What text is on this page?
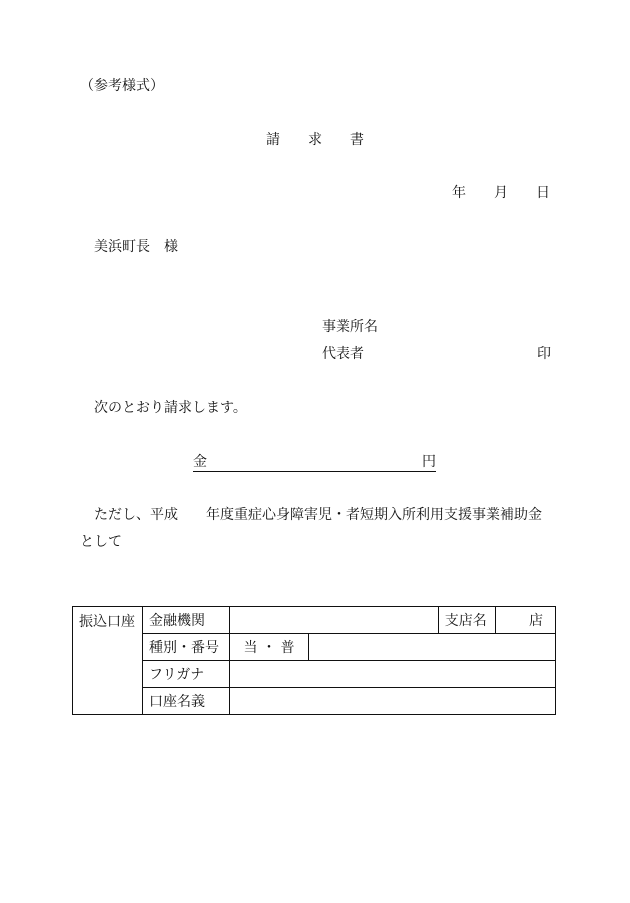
（参考様式）
請 求 書
年 月 日
美浜町長　様
事業所名
代表者	印
次のとおり請求します。
金	円
ただし、平成 年度重症心身障害児・者短期入所利用支援事業補助金
として
振込口座	金融機関			支店名	店
	種別・番号	当 ・ 普			
	フリガナ				
	口座名義				
